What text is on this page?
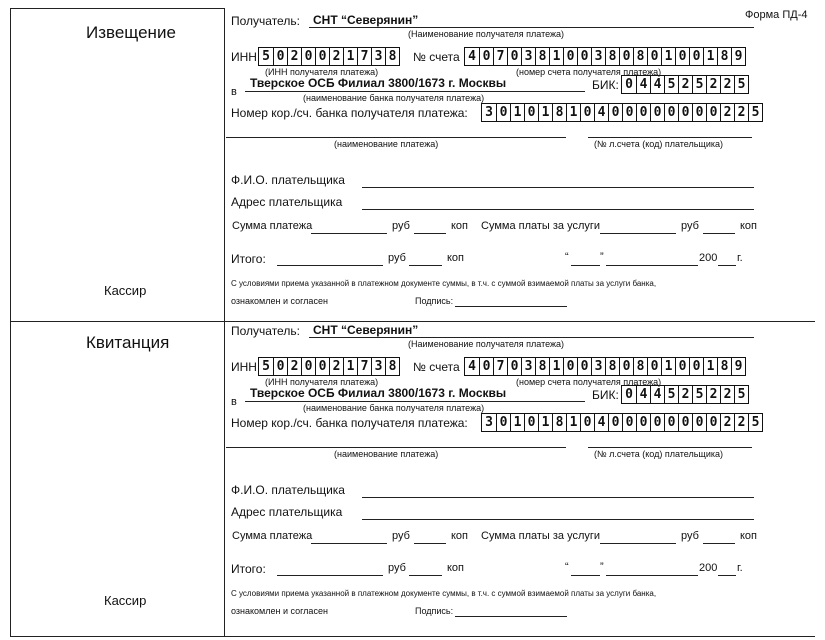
Форма ПД-4
Извещение
Кассир
Получатель: СНТ “Северянин”
(Наименование получателя платежа)
ИНН 5 0 2 0 0 2 1 7 3 8
(ИНН получателя платежа)
№ счета 4 0 7 0 3 8 1 0 0 3 8 0 8 0 1 0 0 1 8 9
(номер счета получателя платежа)
в
Тверское ОСБ Филиал 3800/1673 г. Москвы
(наименование банка получателя платежа)
БИК: 0 4 4 5 2 5 2 2 5
Номер кор./сч. банка получателя платежа: 3 0 1 0 1 8 1 0 4 0 0 0 0 0 0 0 0 2 2 5
(наименование платежа)	(№ л.счета (код) плательщика)
Ф.И.О. плательщика
Адрес плательщика
Сумма платежа	руб	коп Сумма платы за услуги	руб	коп
Итого:	руб	коп	“	”	200 г.
С условиями приема указанной в платежном документе суммы, в т.ч. с суммой взимаемой платы за услуги банка,
ознакомлен и согласен	Подпись:
Квитанция
Кассир
Получатель: СНТ “Северянин”
(Наименование получателя платежа)
ИНН 5 0 2 0 0 2 1 7 3 8
(ИНН получателя платежа)
№ счета 4 0 7 0 3 8 1 0 0 3 8 0 8 0 1 0 0 1 8 9
(номер счета получателя платежа)
в
Тверское ОСБ Филиал 3800/1673 г. Москвы
(наименование банка получателя платежа)
БИК: 0 4 4 5 2 5 2 2 5
Номер кор./сч. банка получателя платежа: 3 0 1 0 1 8 1 0 4 0 0 0 0 0 0 0 0 2 2 5
(наименование платежа)	(№ л.счета (код) плательщика)
Ф.И.О. плательщика
Адрес плательщика
Сумма платежа	руб	коп Сумма платы за услуги	руб	коп
Итого:	руб	коп	“	”	200 г.
С условиями приема указанной в платежном документе суммы, в т.ч. с суммой взимаемой платы за услуги банка,
ознакомлен и согласен	Подпись:
